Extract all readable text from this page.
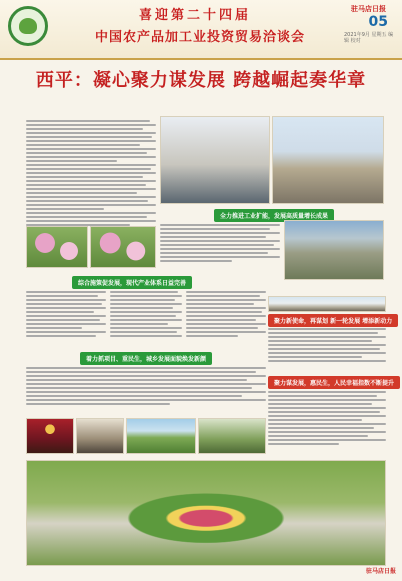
喜迎第二十四届
中国农产品加工业投资贸易洽谈会
驻马店日报
05
2021年9月 星期五 编辑 校对
西平：凝心聚力谋发展 跨越崛起奏华章
全力推进工业扩能，发展高质量增长成果
综合施策促发展，现代产业体系日益完善
聚力新使命，再谋划 新一轮发展 增添新动力
着力抓项目、重民生，城乡发展面貌焕发新颜
聚力谋发展，惠民生，人民幸福指数不断提升
驻马店日报
